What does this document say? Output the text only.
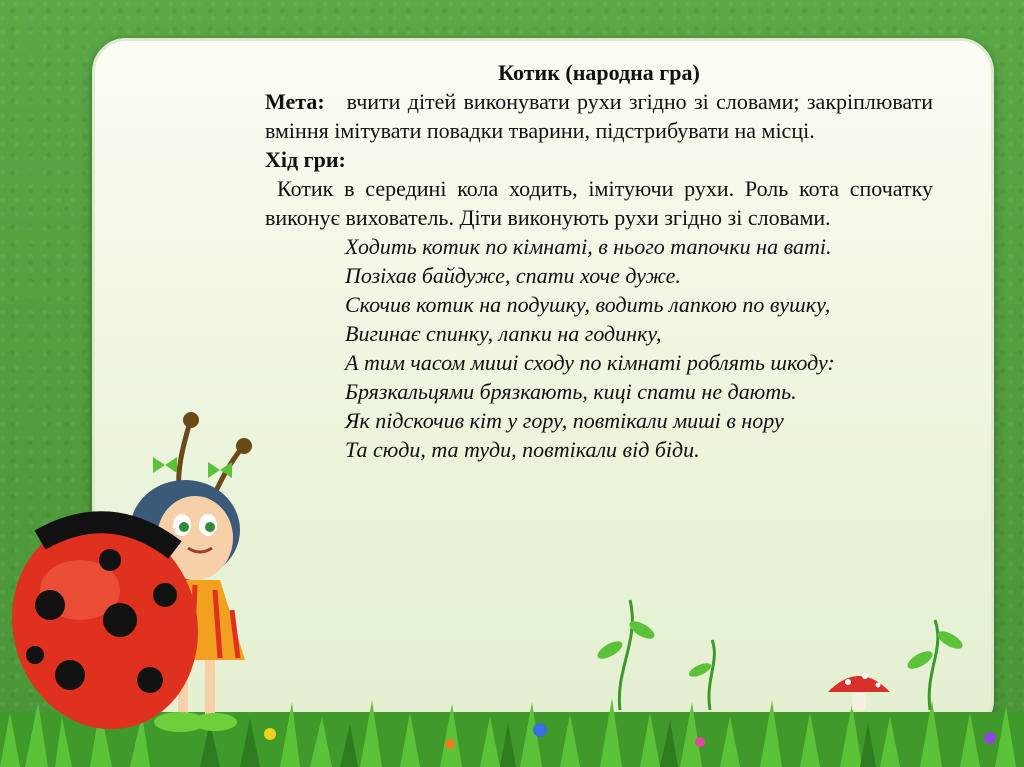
Котик (народна гра)
Мета: вчити дітей виконувати рухи згідно зі словами; закріплювати вміння імітувати повадки тварини, підстрибувати на місці.
Хід гри:
Котик в середині кола ходить, імітуючи рухи. Роль кота спочатку виконує вихователь. Діти виконують рухи згідно зі словами.
Ходить котик по кімнаті, в нього тапочки на ваті.
Позіхав байдуже, спати хоче дуже.
Скочив котик на подушку, водить лапкою по вушку,
Вигинає спинку, лапки на годинку,
А тим часом миші сходу по кімнаті роблять шкоду:
Брязкальцями брязкають, киці спати не дають.
Як підскочив кіт у гору, повтікали миші в нору
Та сюди, та туди, повтікали від біди.
